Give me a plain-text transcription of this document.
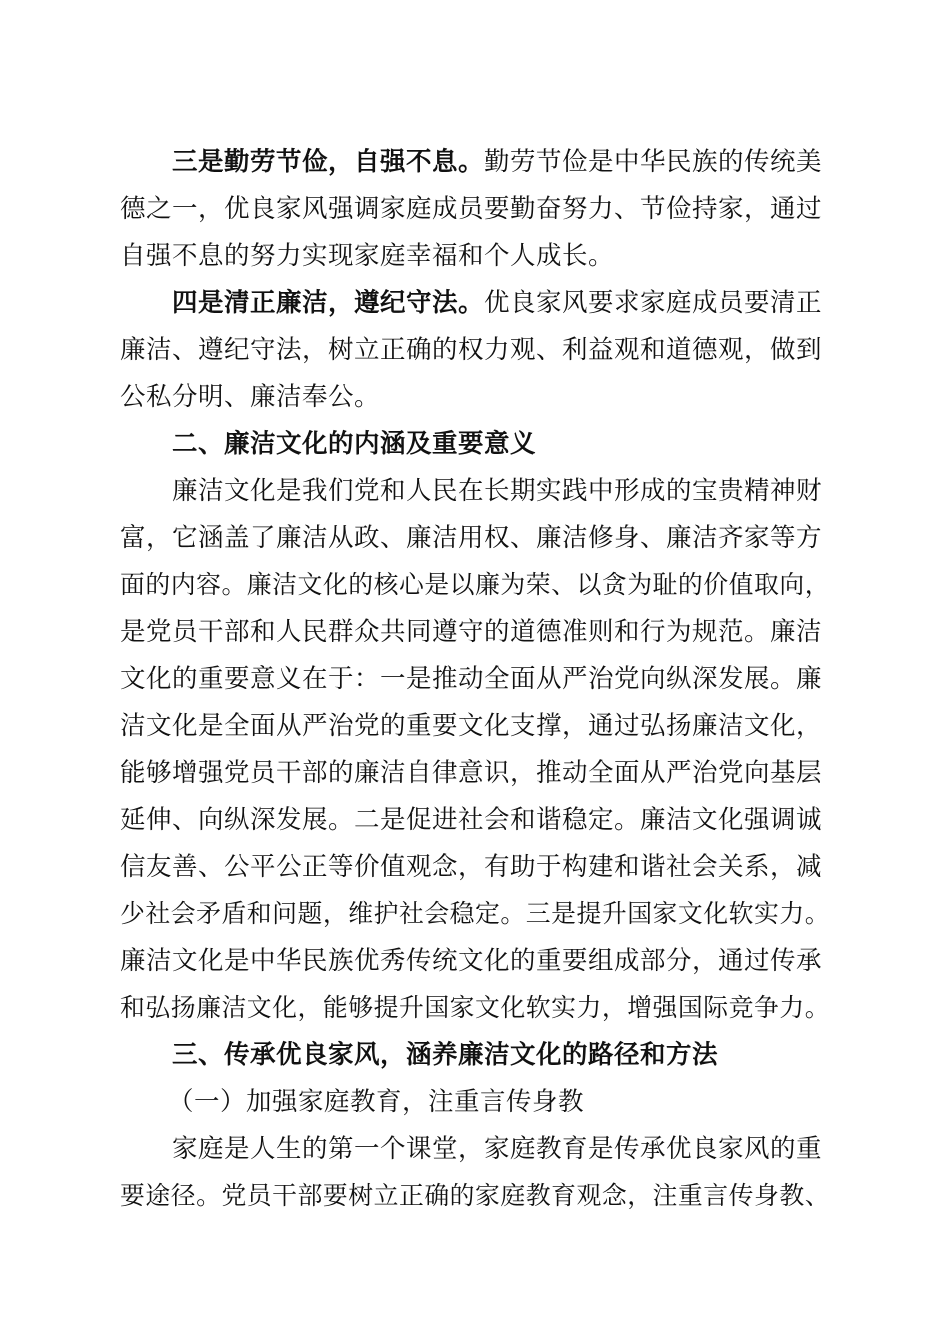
三是勤劳节俭，自强不息。勤劳节俭是中华民族的传统美
德之一，优良家风强调家庭成员要勤奋努力、节俭持家，通过
自强不息的努力实现家庭幸福和个人成长。
四是清正廉洁，遵纪守法。优良家风要求家庭成员要清正
廉洁、遵纪守法，树立正确的权力观、利益观和道德观，做到
公私分明、廉洁奉公。
二、廉洁文化的内涵及重要意义
廉洁文化是我们党和人民在长期实践中形成的宝贵精神财
富，它涵盖了廉洁从政、廉洁用权、廉洁修身、廉洁齐家等方
面的内容。廉洁文化的核心是以廉为荣、以贪为耻的价值取向，
是党员干部和人民群众共同遵守的道德准则和行为规范。廉洁
文化的重要意义在于：一是推动全面从严治党向纵深发展。廉
洁文化是全面从严治党的重要文化支撑，通过弘扬廉洁文化，
能够增强党员干部的廉洁自律意识，推动全面从严治党向基层
延伸、向纵深发展。二是促进社会和谐稳定。廉洁文化强调诚
信友善、公平公正等价值观念，有助于构建和谐社会关系，减
少社会矛盾和问题，维护社会稳定。三是提升国家文化软实力。
廉洁文化是中华民族优秀传统文化的重要组成部分，通过传承
和弘扬廉洁文化，能够提升国家文化软实力，增强国际竞争力。
三、传承优良家风，涵养廉洁文化的路径和方法
（一）加强家庭教育，注重言传身教
家庭是人生的第一个课堂，家庭教育是传承优良家风的重
要途径。党员干部要树立正确的家庭教育观念，注重言传身教、
